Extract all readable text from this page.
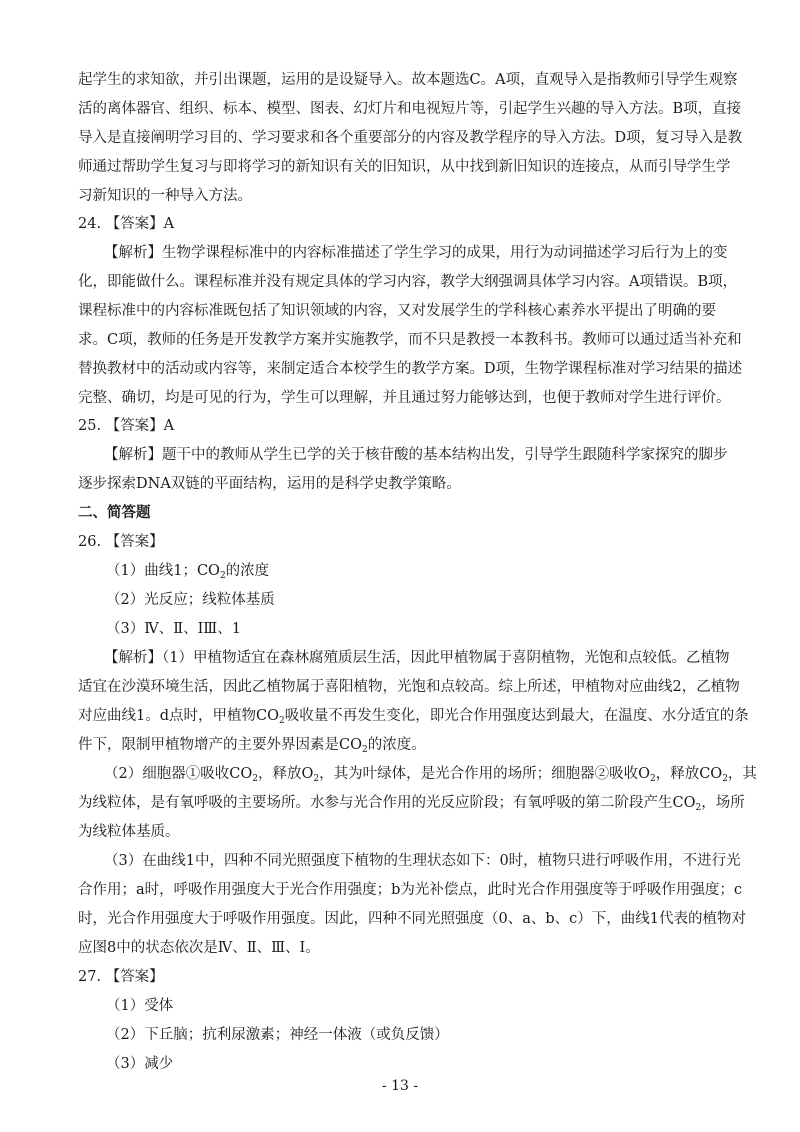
起学生的求知欲，并引出课题，运用的是设疑导入。故本题选C。A项，直观导入是指教师引导学生观察
活的离体器官、组织、标本、模型、图表、幻灯片和电视短片等，引起学生兴趣的导入方法。B项，直接
导入是直接阐明学习目的、学习要求和各个重要部分的内容及教学程序的导入方法。D项，复习导入是教
师通过帮助学生复习与即将学习的新知识有关的旧知识，从中找到新旧知识的连接点，从而引导学生学
习新知识的一种导入方法。
24. 【答案】A
【解析】生物学课程标准中的内容标准描述了学生学习的成果，用行为动词描述学习后行为上的变
化，即能做什么。课程标准并没有规定具体的学习内容，教学大纲强调具体学习内容。A项错误。B项，
课程标准中的内容标准既包括了知识领域的内容，又对发展学生的学科核心素养水平提出了明确的要
求。C项，教师的任务是开发教学方案并实施教学，而不只是教授一本教科书。教师可以通过适当补充和
替换教材中的活动或内容等，来制定适合本校学生的教学方案。D项，生物学课程标准对学习结果的描述
完整、确切，均是可见的行为，学生可以理解，并且通过努力能够达到，也便于教师对学生进行评价。
25. 【答案】A
【解析】题干中的教师从学生已学的关于核苷酸的基本结构出发，引导学生跟随科学家探究的脚步
逐步探索DNA双链的平面结构，运用的是科学史教学策略。
二、简答题
26. 【答案】
（1）曲线1；$CO_2$的浓度
（2）光反应；线粒体基质
（3）Ⅳ、Ⅱ、ⅠⅢ、1
【解析】（1）甲植物适宜在森林腐殖质层生活，因此甲植物属于喜阴植物，光饱和点较低。乙植物
适宜在沙漠环境生活，因此乙植物属于喜阳植物，光饱和点较高。综上所述，甲植物对应曲线2，乙植物
对应曲线1。d点时，甲植物$CO_2$吸收量不再发生变化，即光合作用强度达到最大，在温度、水分适宜的条
件下，限制甲植物增产的主要外界因素是$CO_2$的浓度。
（2）细胞器①吸收$CO_2$，释放$O_2$，其为叶绿体，是光合作用的场所；细胞器②吸收$O_2$，释放$CO_2$，其
为线粒体，是有氧呼吸的主要场所。水参与光合作用的光反应阶段；有氧呼吸的第二阶段产生$CO_2$，场所
为线粒体基质。
（3）在曲线1中，四种不同光照强度下植物的生理状态如下：0时，植物只进行呼吸作用，不进行光
合作用；a时，呼吸作用强度大于光合作用强度；b为光补偿点，此时光合作用强度等于呼吸作用强度；c
时，光合作用强度大于呼吸作用强度。因此，四种不同光照强度（0、a、b、c）下，曲线1代表的植物对
应图8中的状态依次是Ⅳ、Ⅱ、Ⅲ、Ⅰ。
27. 【答案】
（1）受体
（2）下丘脑；抗利尿激素；神经一体液（或负反馈）
（3）减少
- 13 -
